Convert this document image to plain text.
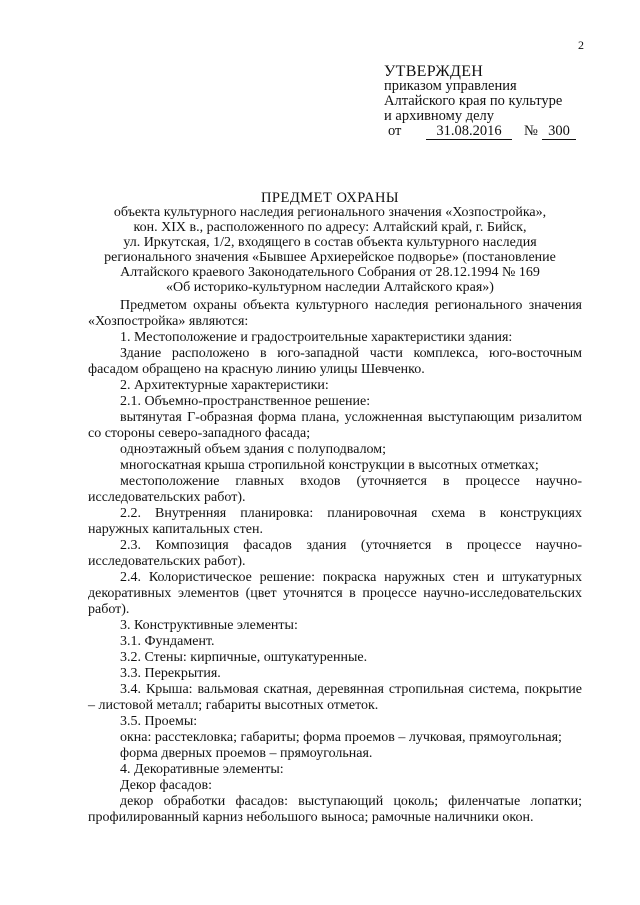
2
УТВЕРЖДЕН
приказом управления
Алтайского края по культуре
и архивному делу
от	31.08.2016	№ 300
ПРЕДМЕТ ОХРАНЫ
объекта культурного наследия регионального значения «Хозпостройка»,
кон. XIX в., расположенного по адресу: Алтайский край, г. Бийск,
ул. Иркутская, 1/2, входящего в состав объекта культурного наследия
регионального значения «Бывшее Архиерейское подворье» (постановление
Алтайского краевого Законодательного Собрания от 28.12.1994 № 169
«Об историко-культурном наследии Алтайского края»)

Предметом охраны объекта культурного наследия регионального значения «Хозпостройка» являются:

1. Местоположение и градостроительные характеристики здания:

Здание расположено в юго-западной части комплекса, юго-восточным фасадом обращено на красную линию улицы Шевченко.

2. Архитектурные характеристики:

2.1. Объемно-пространственное решение:

вытянутая Г-образная форма плана, усложненная выступающим ризалитом со стороны северо-западного фасада;

одноэтажный объем здания с полуподвалом;

многоскатная крыша стропильной конструкции в высотных отметках;

местоположение главных входов (уточняется в процессе научно-исследовательских работ).

2.2. Внутренняя планировка: планировочная схема в конструкциях наружных капитальных стен.

2.3. Композиция фасадов здания (уточняется в процессе научно-исследовательских работ).

2.4. Колористическое решение: покраска наружных стен и штукатурных декоративных элементов (цвет уточнятся в процессе научно-исследовательских работ).

3. Конструктивные элементы:

3.1. Фундамент.

3.2. Стены: кирпичные, оштукатуренные.

3.3. Перекрытия.

3.4. Крыша: вальмовая скатная, деревянная стропильная система, покрытие – листовой металл; габариты высотных отметок.

3.5. Проемы:

окна: расстекловка; габариты; форма проемов – лучковая, прямоугольная;

форма дверных проемов – прямоугольная.

4. Декоративные элементы:

Декор фасадов:

декор обработки фасадов: выступающий цоколь; филенчатые лопатки; профилированный карниз небольшого выноса; рамочные наличники окон.
